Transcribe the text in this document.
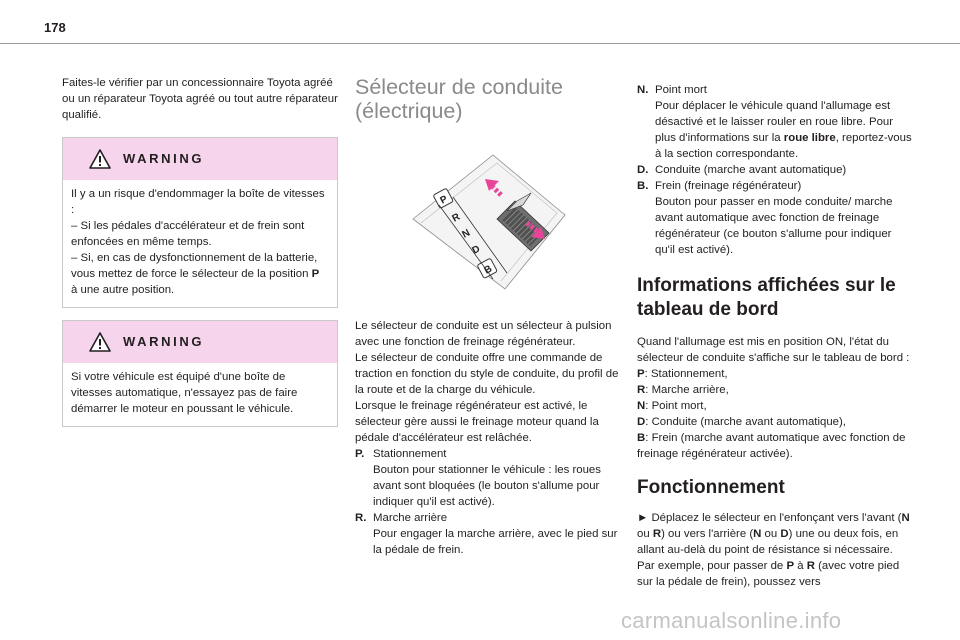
178

Faites-le vérifier par un concessionnaire Toyota agréé ou un réparateur Toyota agréé ou tout autre réparateur qualifié.

WARNING

Il y a un risque d'endommager la boîte de vitesses :

– Si les pédales d'accélérateur et de frein sont enfoncées en même temps.

– Si, en cas de dysfonctionnement de la batterie, vous mettez de force le sélecteur de la position P à une autre position.

WARNING

Si votre véhicule est équipé d'une boîte de vitesses automatique, n'essayez pas de faire démarrer le moteur en poussant le véhicule.

Sélecteur de conduite (électrique)
P
R
N
D
B

Le sélecteur de conduite est un sélecteur à pulsion avec une fonction de freinage régénérateur.

Le sélecteur de conduite offre une commande de traction en fonction du style de conduite, du profil de la route et de la charge du véhicule.

Lorsque le freinage régénérateur est activé, le sélecteur gère aussi le freinage moteur quand la pédale d'accélérateur est relâchée.

P. Stationnement
Bouton pour stationner le véhicule : les roues avant sont bloquées (le bouton s'allume pour indiquer qu'il est activé).
R. Marche arrière
Pour engager la marche arrière, avec le pied sur la pédale de frein.
N. Point mort
Pour déplacer le véhicule quand l'allumage est désactivé et le laisser rouler en roue libre. Pour plus d'informations sur la roue libre, reportez-vous à la section correspondante.
D. Conduite (marche avant automatique)
B. Frein (freinage régénérateur)
Bouton pour passer en mode conduite/ marche avant automatique avec fonction de freinage régénérateur (ce bouton s'allume pour indiquer qu'il est activé).
Informations affichées sur le tableau de bord

Quand l'allumage est mis en position ON, l'état du sélecteur de conduite s'affiche sur le tableau de bord :

P: Stationnement,

R: Marche arrière,

N: Point mort,

D: Conduite (marche avant automatique),

B: Frein (marche avant automatique avec fonction de freinage régénérateur activée).

Fonctionnement

► Déplacez le sélecteur en l'enfonçant vers l'avant (N ou R) ou vers l'arrière (N ou D) une ou deux fois, en allant au-delà du point de résistance si nécessaire.

Par exemple, pour passer de P à R (avec votre pied sur la pédale de frein), poussez vers

carmanualsonline.info
